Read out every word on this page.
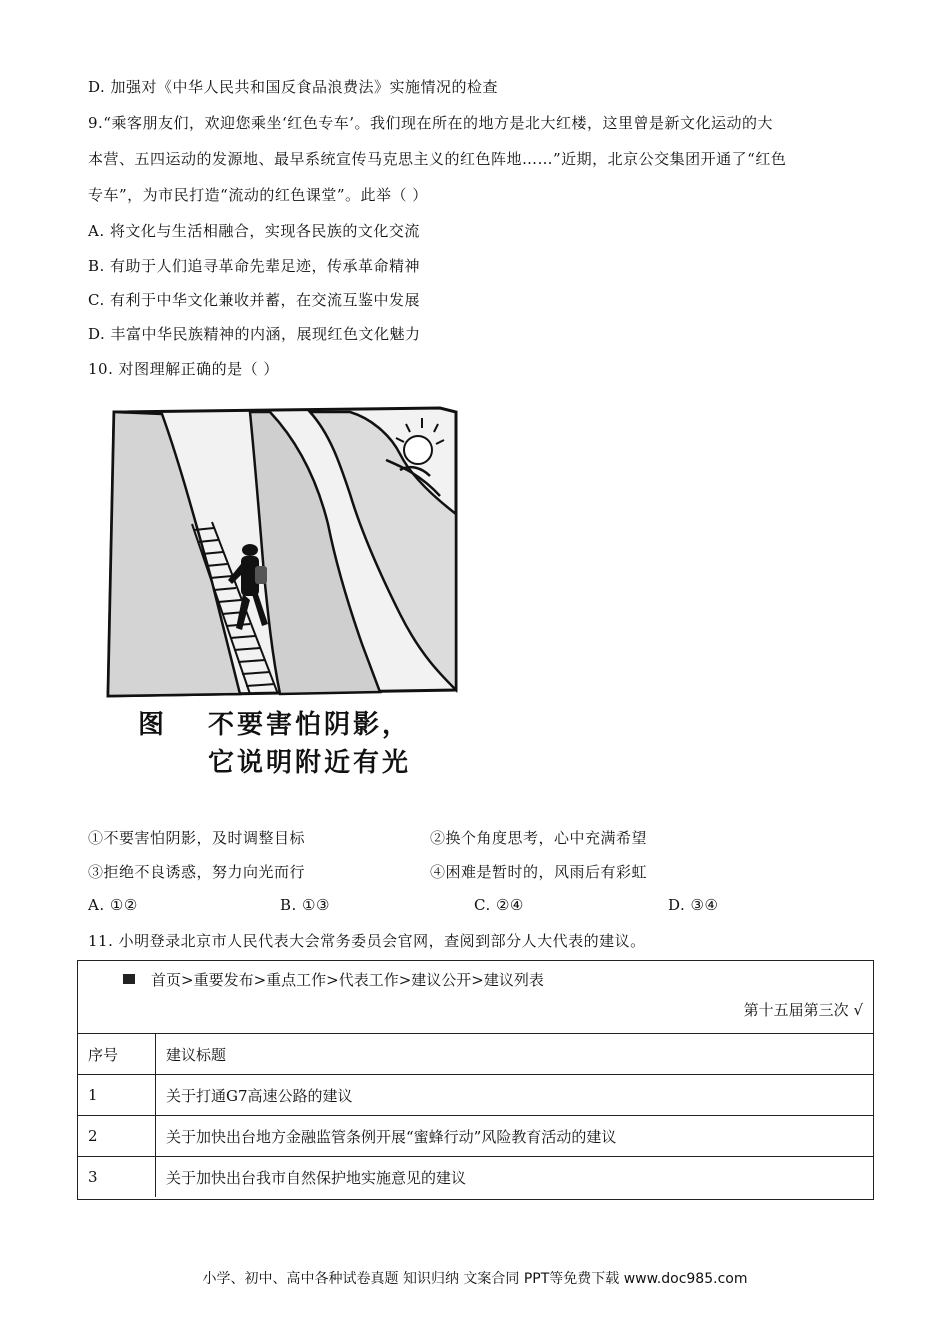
D. 加强对《中华人民共和国反食品浪费法》实施情况的检查
9.“乘客朋友们，欢迎您乘坐‘红色专车’。我们现在所在的地方是北大红楼，这里曾是新文化运动的大
本营、五四运动的发源地、最早系统宣传马克思主义的红色阵地……”近期，北京公交集团开通了“红色
专车”，为市民打造“流动的红色课堂”。此举（ ）
A. 将文化与生活相融合，实现各民族的文化交流
B. 有助于人们追寻革命先辈足迹，传承革命精神
C. 有利于中华文化兼收并蓄，在交流互鉴中发展
D. 丰富中华民族精神的内涵，展现红色文化魅力
10. 对图理解正确的是（ ）
图 不要害怕阴影，
它说明附近有光
①不要害怕阴影，及时调整目标	②换个角度思考，心中充满希望
③拒绝不良诱惑，努力向光而行	④困难是暂时的，风雨后有彩虹
A. ①②	B. ①③	C. ②④	D. ③④
11. 小明登录北京市人民代表大会常务委员会官网，查阅到部分人大代表的建议。
首页>重要发布>重点工作>代表工作>建议公开>建议列表
第十五届第三次 √
序号	建议标题
1	关于打通G7高速公路的建议
2	关于加快出台地方金融监管条例开展“蜜蜂行动”风险教育活动的建议
3	关于加快出台我市自然保护地实施意见的建议
小学、初中、高中各种试卷真题 知识归纳 文案合同 PPT等免费下载 www.doc985.com
